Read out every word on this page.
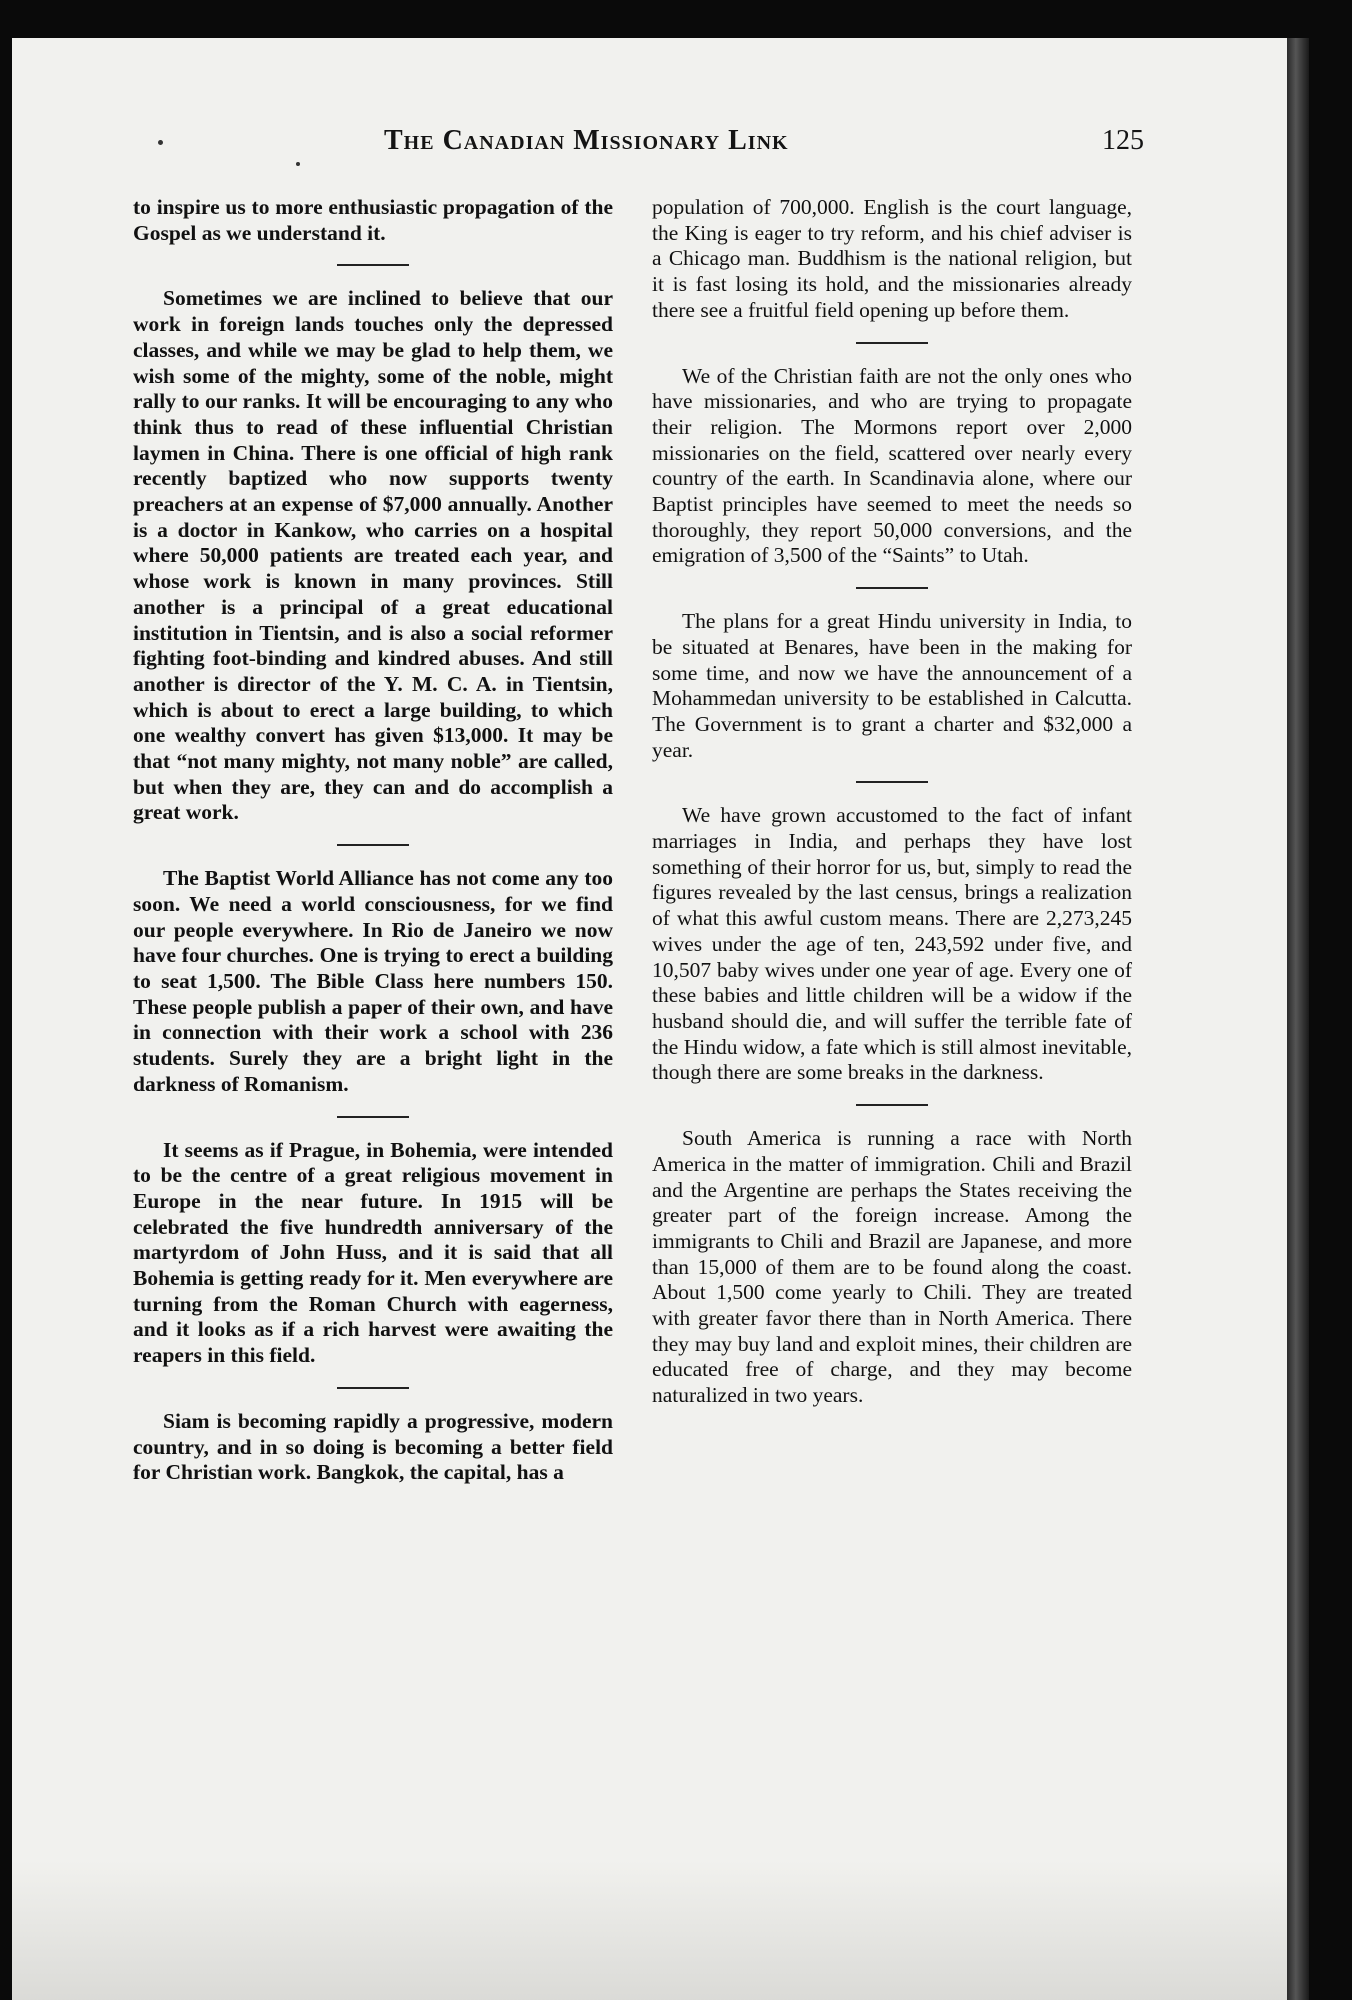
The Canadian Missionary Link	125

to inspire us to more enthusiastic propagation of the Gospel as we understand it.

Sometimes we are inclined to believe that our work in foreign lands touches only the depressed classes, and while we may be glad to help them, we wish some of the mighty, some of the noble, might rally to our ranks. It will be encouraging to any who think thus to read of these influential Christian laymen in China. There is one official of high rank recently baptized who now supports twenty preachers at an expense of $7,000 annually. Another is a doctor in Kankow, who carries on a hospital where 50,000 patients are treated each year, and whose work is known in many provinces. Still another is a principal of a great educational institution in Tientsin, and is also a social reformer fighting foot-binding and kindred abuses. And still another is director of the Y. M. C. A. in Tientsin, which is about to erect a large building, to which one wealthy convert has given $13,000. It may be that “not many mighty, not many noble” are called, but when they are, they can and do accomplish a great work.

The Baptist World Alliance has not come any too soon. We need a world consciousness, for we find our people everywhere. In Rio de Janeiro we now have four churches. One is trying to erect a building to seat 1,500. The Bible Class here numbers 150. These people publish a paper of their own, and have in connection with their work a school with 236 students. Surely they are a bright light in the darkness of Romanism.

It seems as if Prague, in Bohemia, were intended to be the centre of a great religious movement in Europe in the near future. In 1915 will be celebrated the five hundredth anniversary of the martyrdom of John Huss, and it is said that all Bohemia is getting ready for it. Men everywhere are turning from the Roman Church with eagerness, and it looks as if a rich harvest were awaiting the reapers in this field.

Siam is becoming rapidly a progressive, modern country, and in so doing is becoming a better field for Christian work. Bangkok, the capital, has a

population of 700,000. English is the court language, the King is eager to try reform, and his chief adviser is a Chicago man. Buddhism is the national religion, but it is fast losing its hold, and the missionaries already there see a fruitful field opening up before them.

We of the Christian faith are not the only ones who have missionaries, and who are trying to propagate their religion. The Mormons report over 2,000 missionaries on the field, scattered over nearly every country of the earth. In Scandinavia alone, where our Baptist principles have seemed to meet the needs so thoroughly, they report 50,000 conversions, and the emigration of 3,500 of the “Saints” to Utah.

The plans for a great Hindu university in India, to be situated at Benares, have been in the making for some time, and now we have the announcement of a Mohammedan university to be established in Calcutta. The Government is to grant a charter and $32,000 a year.

We have grown accustomed to the fact of infant marriages in India, and perhaps they have lost something of their horror for us, but, simply to read the figures revealed by the last census, brings a realization of what this awful custom means. There are 2,273,245 wives under the age of ten, 243,592 under five, and 10,507 baby wives under one year of age. Every one of these babies and little children will be a widow if the husband should die, and will suffer the terrible fate of the Hindu widow, a fate which is still almost inevitable, though there are some breaks in the darkness.

South America is running a race with North America in the matter of immigration. Chili and Brazil and the Argentine are perhaps the States receiving the greater part of the foreign increase. Among the immigrants to Chili and Brazil are Japanese, and more than 15,000 of them are to be found along the coast. About 1,500 come yearly to Chili. They are treated with greater favor there than in North America. There they may buy land and exploit mines, their children are educated free of charge, and they may become naturalized in two years.
